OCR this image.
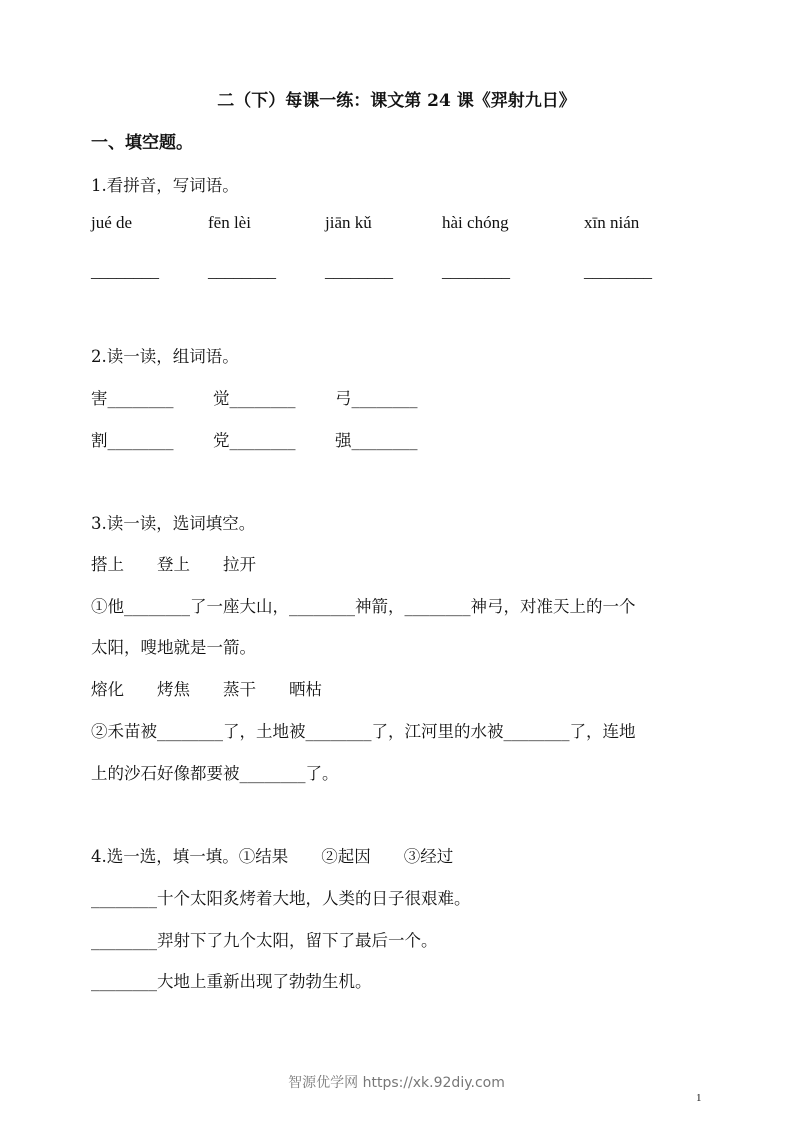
二（下）每课一练：课文第 24 课《羿射九日》
一、填空题。
1.看拼音，写词语。
jué de	fēn lèi	jiān kǔ	hài chóng	xīn nián
________	________	________	________	________
2.读一读，组词语。
害________ 觉________ 弓________
割________ 党________ 强________
3.读一读，选词填空。
搭上 登上 拉开
①他________了一座大山，________神箭，________神弓，对准天上的一个
太阳，嗖地就是一箭。
熔化 烤焦 蒸干 晒枯
②禾苗被________了，土地被________了，江河里的水被________了，连地
上的沙石好像都要被________了。
4.选一选，填一填。①结果　　②起因　　③经过
________十个太阳炙烤着大地，人类的日子很艰难。
________羿射下了九个太阳，留下了最后一个。
________大地上重新出现了勃勃生机。
智源优学网 https://xk.92diy.com
1
